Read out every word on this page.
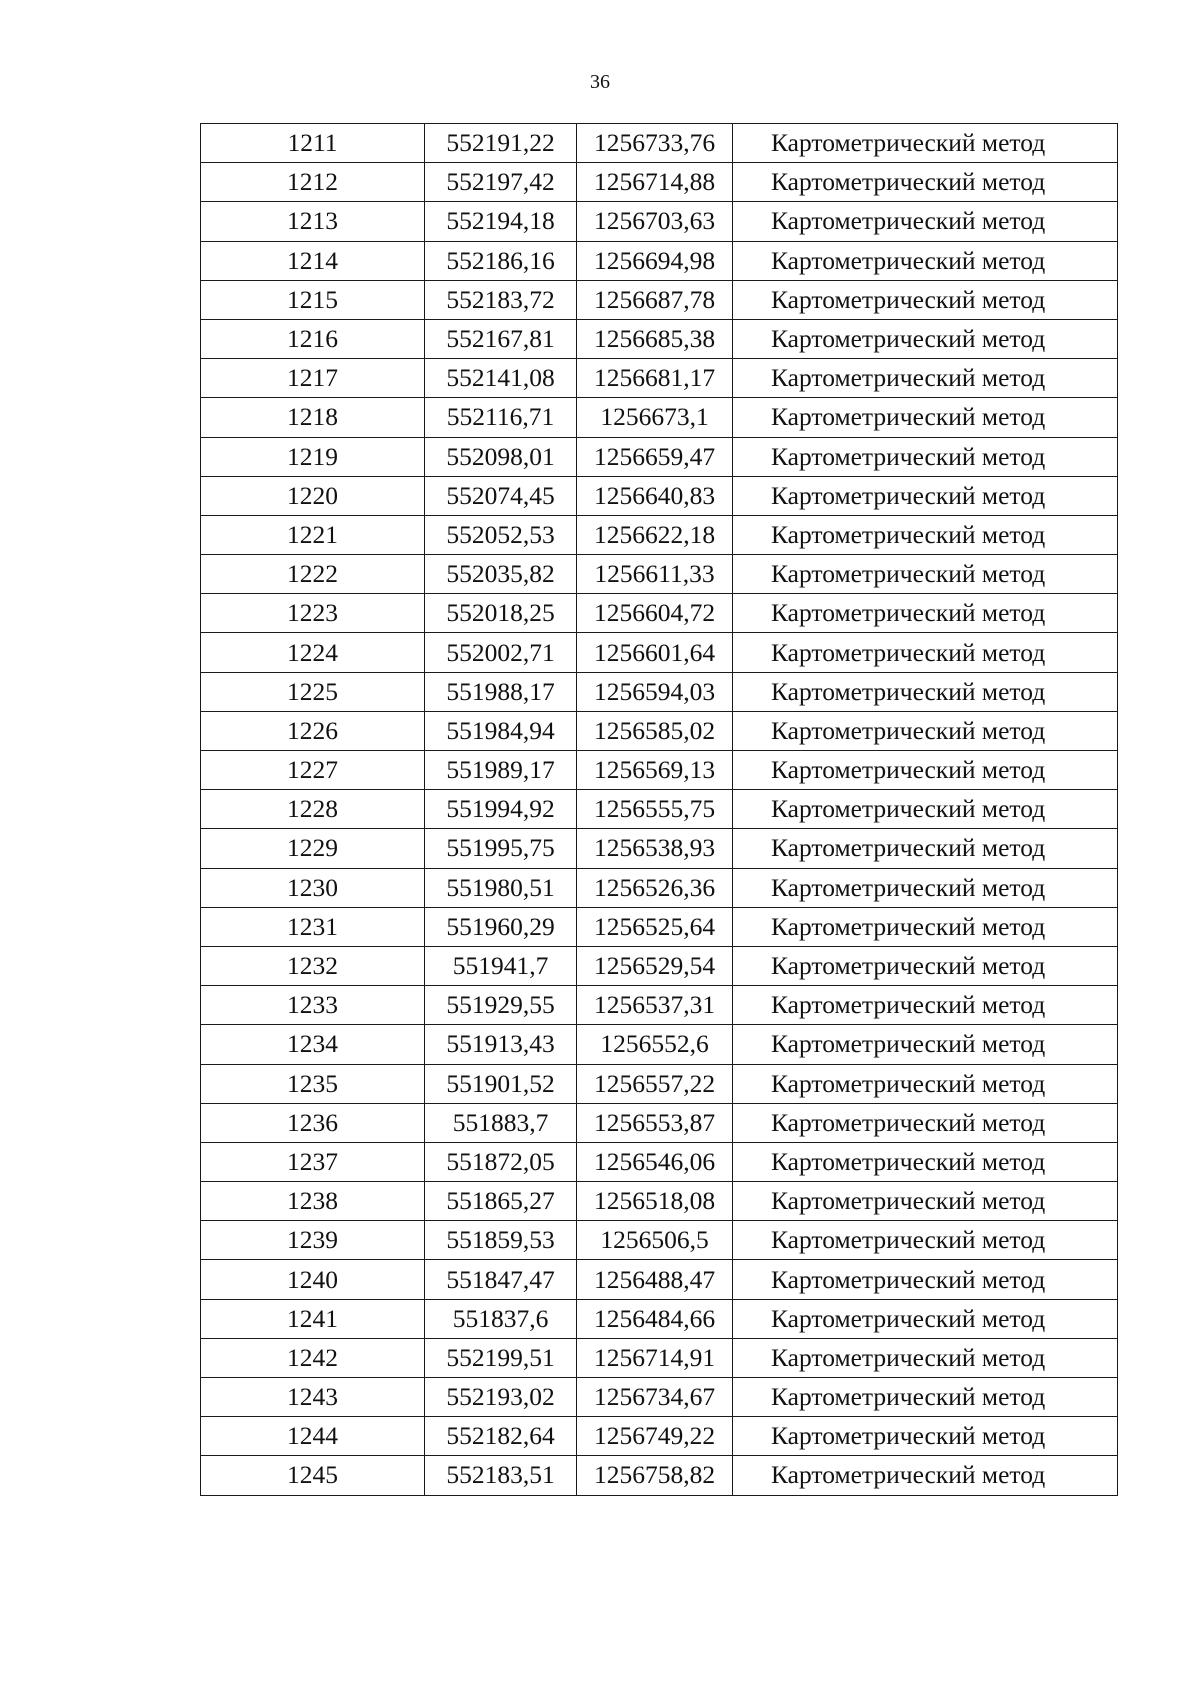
36
1211	552191,22	1256733,76	Картометрический метод
1212	552197,42	1256714,88	Картометрический метод
1213	552194,18	1256703,63	Картометрический метод
1214	552186,16	1256694,98	Картометрический метод
1215	552183,72	1256687,78	Картометрический метод
1216	552167,81	1256685,38	Картометрический метод
1217	552141,08	1256681,17	Картометрический метод
1218	552116,71	1256673,1	Картометрический метод
1219	552098,01	1256659,47	Картометрический метод
1220	552074,45	1256640,83	Картометрический метод
1221	552052,53	1256622,18	Картометрический метод
1222	552035,82	1256611,33	Картометрический метод
1223	552018,25	1256604,72	Картометрический метод
1224	552002,71	1256601,64	Картометрический метод
1225	551988,17	1256594,03	Картометрический метод
1226	551984,94	1256585,02	Картометрический метод
1227	551989,17	1256569,13	Картометрический метод
1228	551994,92	1256555,75	Картометрический метод
1229	551995,75	1256538,93	Картометрический метод
1230	551980,51	1256526,36	Картометрический метод
1231	551960,29	1256525,64	Картометрический метод
1232	551941,7	1256529,54	Картометрический метод
1233	551929,55	1256537,31	Картометрический метод
1234	551913,43	1256552,6	Картометрический метод
1235	551901,52	1256557,22	Картометрический метод
1236	551883,7	1256553,87	Картометрический метод
1237	551872,05	1256546,06	Картометрический метод
1238	551865,27	1256518,08	Картометрический метод
1239	551859,53	1256506,5	Картометрический метод
1240	551847,47	1256488,47	Картометрический метод
1241	551837,6	1256484,66	Картометрический метод
1242	552199,51	1256714,91	Картометрический метод
1243	552193,02	1256734,67	Картометрический метод
1244	552182,64	1256749,22	Картометрический метод
1245	552183,51	1256758,82	Картометрический метод
